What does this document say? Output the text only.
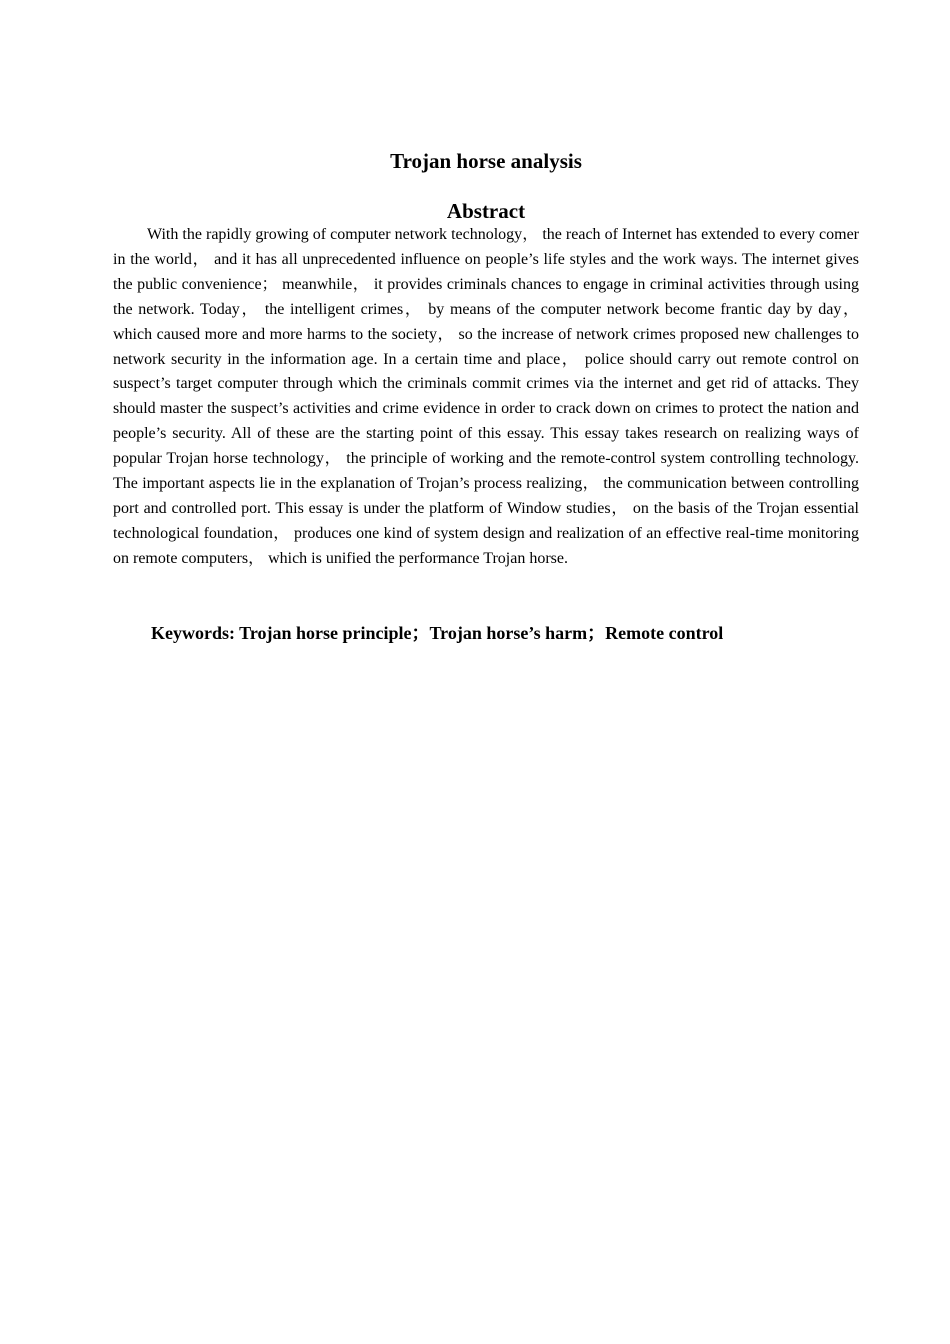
Trojan horse analysis
Abstract

With the rapidly growing of computer network technology， the reach of Internet has extended to every comer in the world， and it has all unprecedented influence on people’s life styles and the work ways. The internet gives the public convenience； meanwhile， it provides criminals chances to engage in criminal activities through using the network. Today， the intelligent crimes， by means of the computer network become frantic day by day， which caused more and more harms to the society， so the increase of network crimes proposed new challenges to network security in the information age. In a certain time and place， police should carry out remote control on suspect’s target computer through which the criminals commit crimes via the internet and get rid of attacks. They should master the suspect’s activities and crime evidence in order to crack down on crimes to protect the nation and people’s security. All of these are the starting point of this essay. This essay takes research on realizing ways of popular Trojan horse technology， the principle of working and the remote-control system controlling technology. The important aspects lie in the explanation of Trojan’s process realizing， the communication between controlling port and controlled port. This essay is under the platform of Window studies， on the basis of the Trojan essential technological foundation， produces one kind of system design and realization of an effective real-time monitoring on remote computers， which is unified the performance Trojan horse.

Keywords: Trojan horse principle；Trojan horse’s harm；Remote control
